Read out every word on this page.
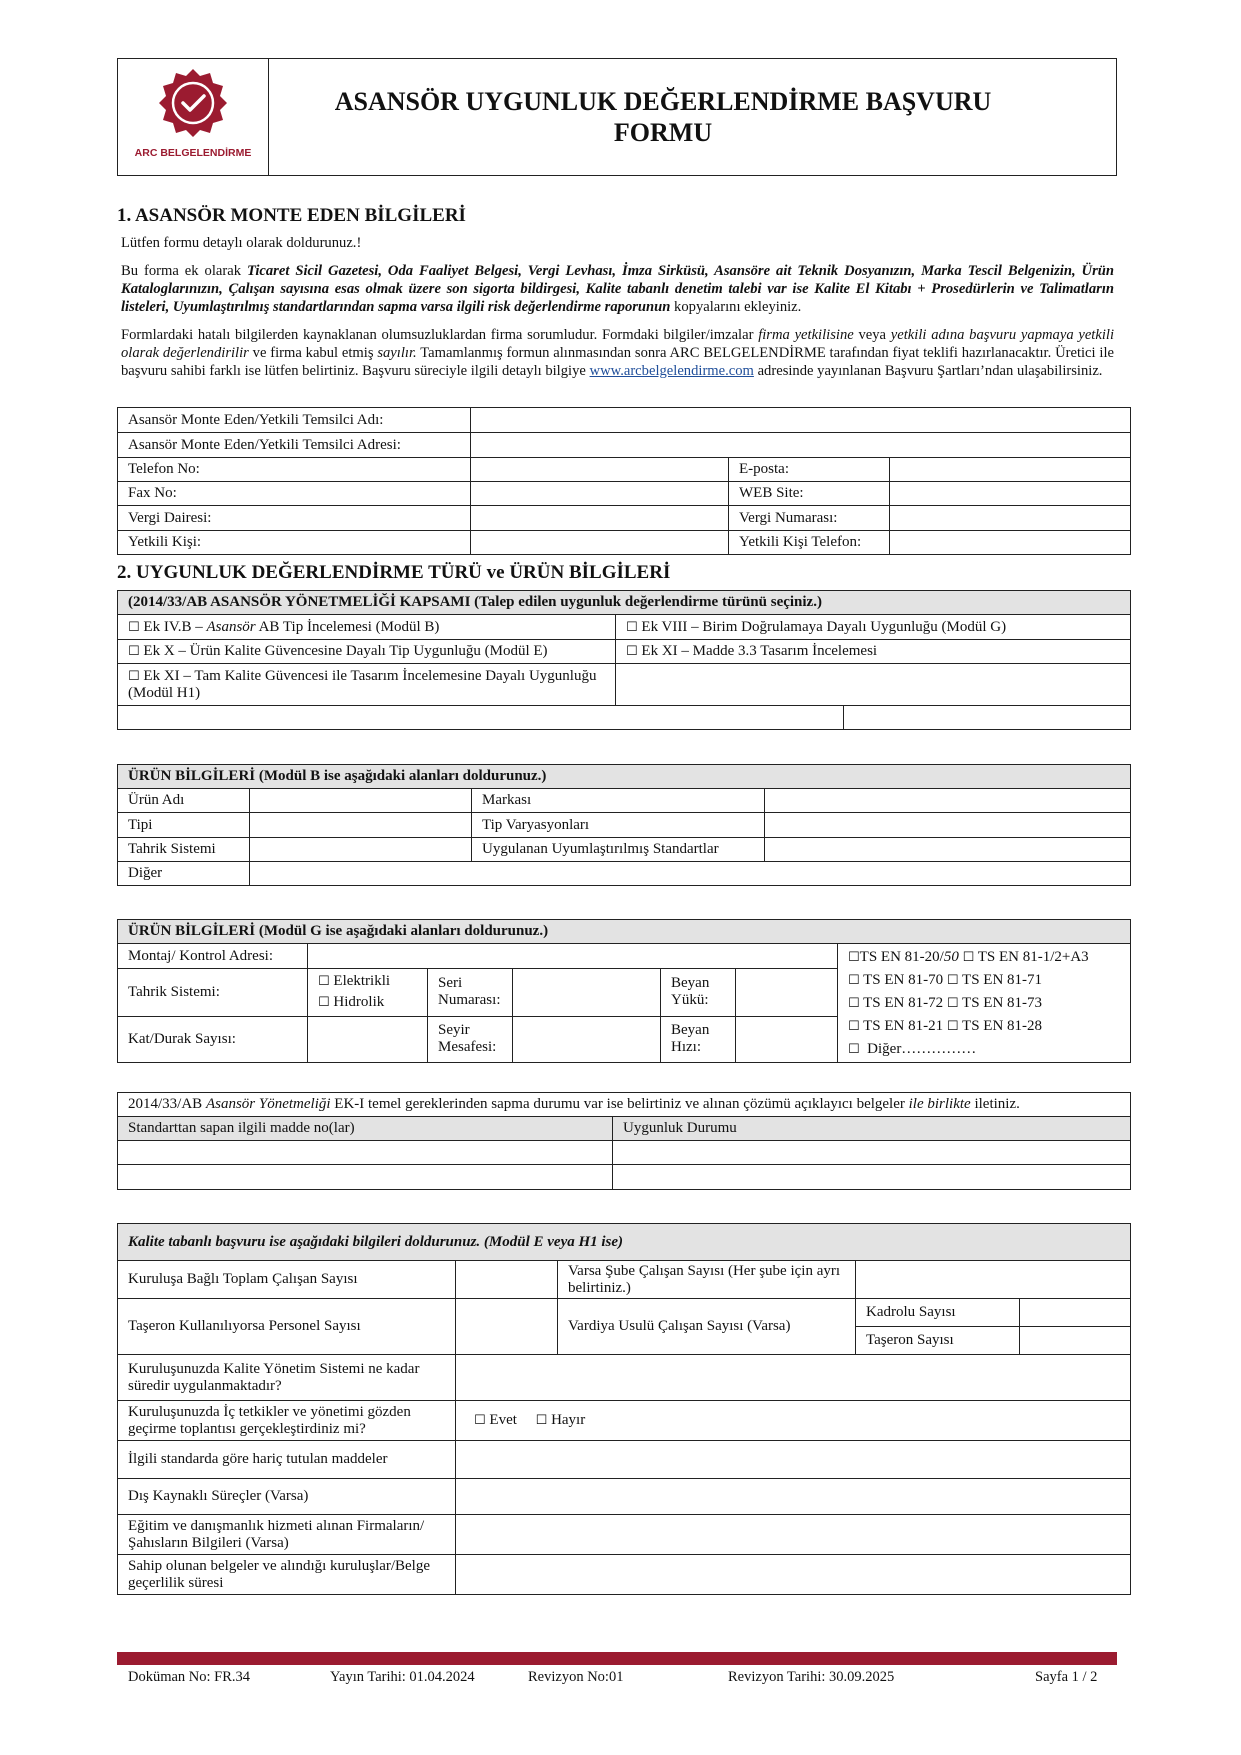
ARC BELGELENDİRME
ASANSÖR UYGUNLUK DEĞERLENDİRME BAŞVURU FORMU
1. ASANSÖR MONTE EDEN BİLGİLERİ
Lütfen formu detaylı olarak doldurunuz.!
Bu forma ek olarak Ticaret Sicil Gazetesi, Oda Faaliyet Belgesi, Vergi Levhası, İmza Sirküsü, Asansöre ait Teknik Dosyanızın, Marka Tescil Belgenizin, Ürün Kataloglarınızın, Çalışan sayısına esas olmak üzere son sigorta bildirgesi, Kalite tabanlı denetim talebi var ise Kalite El Kitabı + Prosedürlerin ve Talimatların listeleri, Uyumlaştırılmış standartlarından sapma varsa ilgili risk değerlendirme raporunun kopyalarını ekleyiniz.
Formlardaki hatalı bilgilerden kaynaklanan olumsuzluklardan firma sorumludur. Formdaki bilgiler/imzalar firma yetkilisine veya yetkili adına başvuru yapmaya yetkili olarak değerlendirilir ve firma kabul etmiş sayılır. Tamamlanmış formun alınmasından sonra ARC BELGELENDİRME tarafından fiyat teklifi hazırlanacaktır. Üretici ile başvuru sahibi farklı ise lütfen belirtiniz. Başvuru süreciyle ilgili detaylı bilgiye www.arcbelgelendirme.com adresinde yayınlanan Başvuru Şartları’ndan ulaşabilirsiniz.
Asansör Monte Eden/Yetkili Temsilci Adı:			
Asansör Monte Eden/Yetkili Temsilci Adresi:			
Telefon No:		E-posta:	
Fax No:		WEB Site:	
Vergi Dairesi:		Vergi Numarası:	
Yetkili Kişi:		Yetkili Kişi Telefon:	
2. UYGUNLUK DEĞERLENDİRME TÜRÜ ve ÜRÜN BİLGİLERİ
(2014/33/AB ASANSÖR YÖNETMELİĞİ KAPSAMI (Talep edilen uygunluk değerlendirme türünü seçiniz.)		
☐ Ek IV.B – Asansör AB Tip İncelemesi (Modül B)	☐ Ek VIII – Birim Doğrulamaya Dayalı Uygunluğu (Modül G)	
☐ Ek X – Ürün Kalite Güvencesine Dayalı Tip Uygunluğu (Modül E)	☐ Ek XI – Madde 3.3 Tasarım İncelemesi	
☐ Ek XI – Tam Kalite Güvencesi ile Tasarım İncelemesine Dayalı Uygunluğu (Modül H1)		

ÜRÜN BİLGİLERİ (Modül B ise aşağıdaki alanları doldurunuz.)			
Ürün Adı		Markası	
Tipi		Tip Varyasyonları	
Tahrik Sistemi		Uygulanan Uyumlaştırılmış Standartlar	
Diğer			
ÜRÜN BİLGİLERİ (Modül G ise aşağıdaki alanları doldurunuz.)						
Montaj/ Kontrol Adresi:						☐TS EN 81-20/50 ☐ TS EN 81-1/2+A3
☐ TS EN 81-70 ☐ TS EN 81-71
☐ TS EN 81-72 ☐ TS EN 81-73
☐ TS EN 81-21 ☐ TS EN 81-28
☐ Diğer……………

Tahrik Sistemi:	☐ Elektrikli
☐ Hidrolik	Seri Numarası:		Beyan Yükü:		
Kat/Durak Sayısı:		Seyir Mesafesi:		Beyan Hızı:		
2014/33/AB Asansör Yönetmeliği EK-I temel gereklerinden sapma durumu var ise belirtiniz ve alınan çözümü açıklayıcı belgeler ile birlikte iletiniz.	
Standarttan sapan ilgili madde no(lar)	Uygunluk Durumu

Kalite tabanlı başvuru ise aşağıdaki bilgileri doldurunuz. (Modül E veya H1 ise)				
Kuruluşa Bağlı Toplam Çalışan Sayısı		Varsa Şube Çalışan Sayısı (Her şube için ayrı belirtiniz.)		
Taşeron Kullanılıyorsa Personel Sayısı		Vardiya Usulü Çalışan Sayısı (Varsa)	Kadrolu Sayısı	
			Taşeron Sayısı	
Kuruluşunuzda Kalite Yönetim Sistemi ne kadar süredir uygulanmaktadır?				
Kuruluşunuzda İç tetkikler ve yönetimi gözden geçirme toplantısı gerçekleştirdiniz mi?	☐ Evet ☐ Hayır			
İlgili standarda göre hariç tutulan maddeler				
Dış Kaynaklı Süreçler (Varsa)				
Eğitim ve danışmanlık hizmeti alınan Firmaların/Şahısların Bilgileri (Varsa)				
Sahip olunan belgeler ve alındığı kuruluşlar/Belge geçerlilik süresi				
Doküman No: FR.34	Yayın Tarihi: 01.04.2024	Revizyon No:01	Revizyon Tarihi: 30.09.2025	Sayfa 1 / 2
